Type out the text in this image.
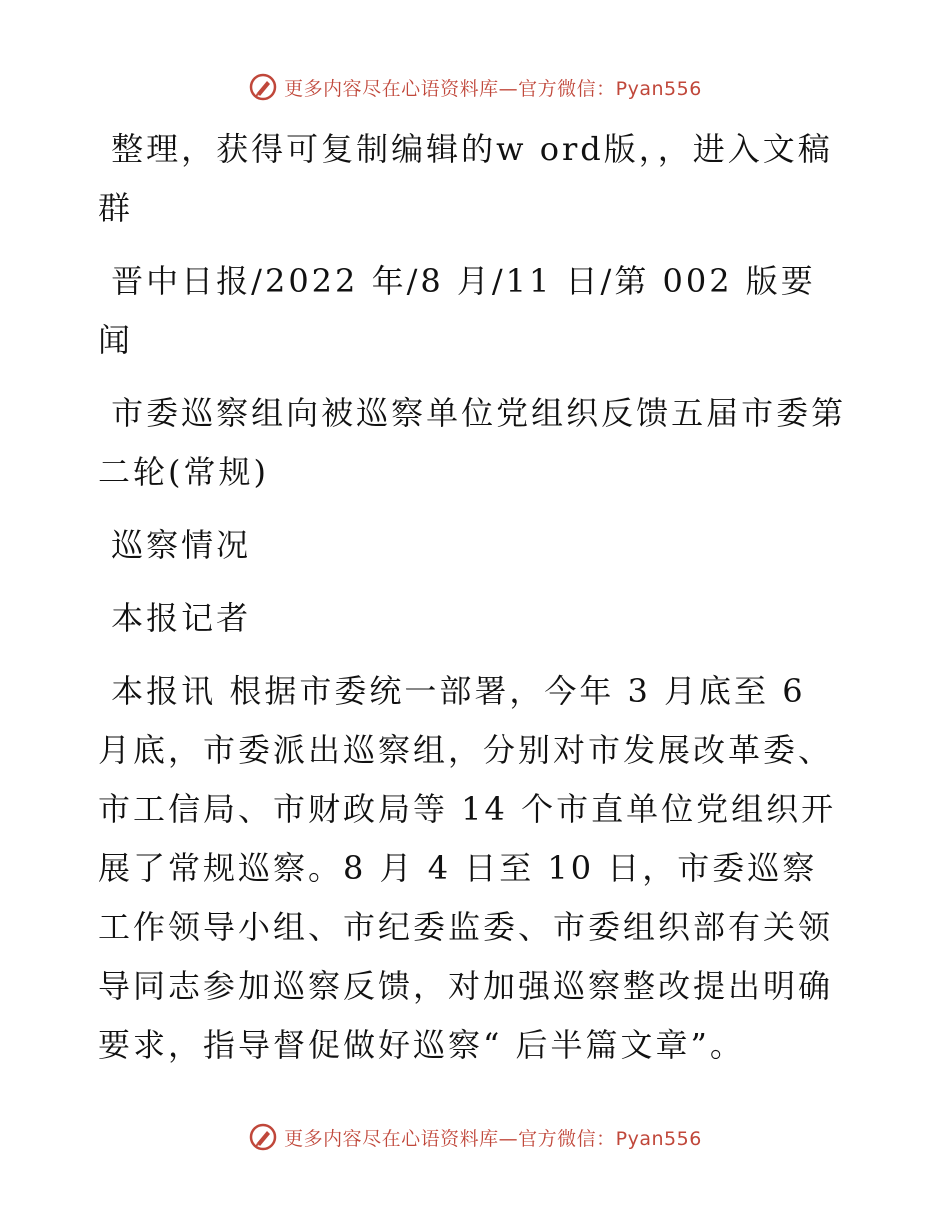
更多内容尽在心语资料库—官方微信：Pyan556

整理，获得可复制编辑的w ord版，，进入文稿群

晋中日报/2022 年/8 月/11 日/第 002 版要闻

市委巡察组向被巡察单位党组织反馈五届市委第二轮(常规)

巡察情况

本报记者

本报讯 根据市委统一部署，今年 3 月底至 6 月底，市委派出巡察组，分别对市发展改革委、市工信局、市财政局等 14 个市直单位党组织开展了常规巡察。8 月 4 日至 10 日，市委巡察工作领导小组、市纪委监委、市委组织部有关领导同志参加巡察反馈，对加强巡察整改提出明确要求，指导督促做好巡察“ 后半篇文章”。

更多内容尽在心语资料库—官方微信：Pyan556
